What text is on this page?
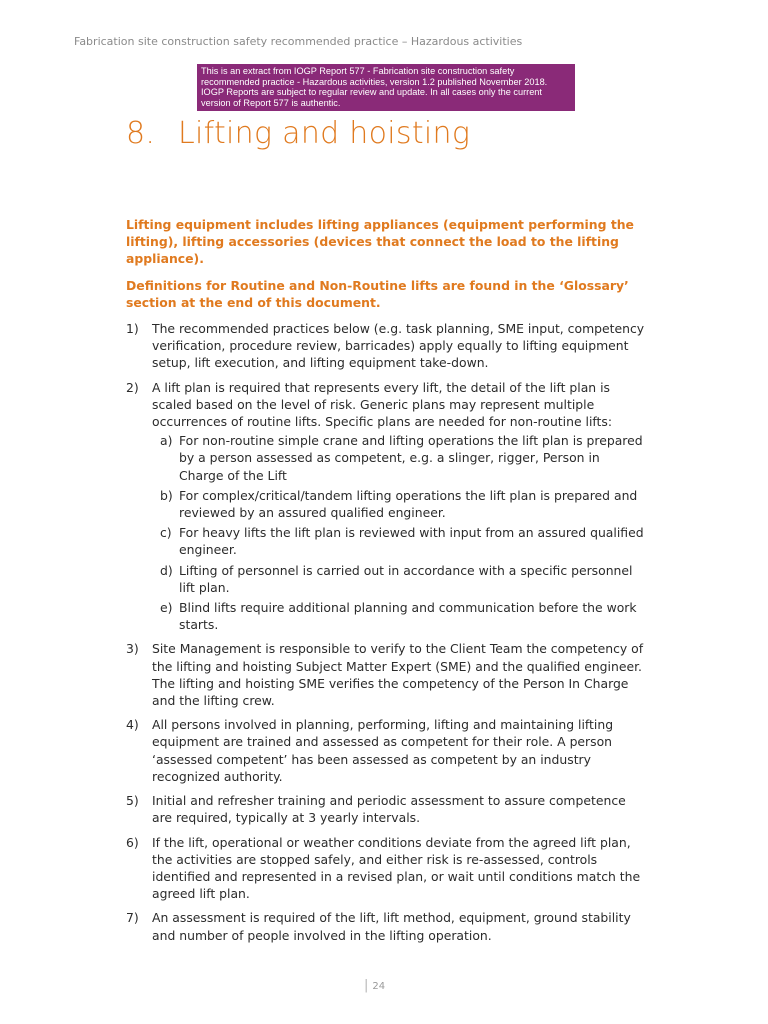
Fabrication site construction safety recommended practice – Hazardous activities

This is an extract from IOGP Report 577 - Fabrication site construction safety recommended practice - Hazardous activities, version 1.2 published November 2018.

IOGP Reports are subject to regular review and update. In all cases only the current version of Report 577 is authentic.

8. Lifting and hoisting

Lifting equipment includes lifting appliances (equipment performing the lifting), lifting accessories (devices that connect the load to the lifting appliance).

Definitions for Routine and Non-Routine lifts are found in the ‘Glossary’ section at the end of this document.

1) The recommended practices below (e.g. task planning, SME input, competency verification, procedure review, barricades) apply equally to lifting equipment setup, lift execution, and lifting equipment take-down.
2) A lift plan is required that represents every lift, the detail of the lift plan is scaled based on the level of risk. Generic plans may represent multiple occurrences of routine lifts. Specific plans are needed for non-routine lifts:
a) For non-routine simple crane and lifting operations the lift plan is prepared by a person assessed as competent, e.g. a slinger, rigger, Person in Charge of the Lift
b) For complex/critical/tandem lifting operations the lift plan is prepared and reviewed by an assured qualified engineer.
c) For heavy lifts the lift plan is reviewed with input from an assured qualified engineer.
d) Lifting of personnel is carried out in accordance with a specific personnel lift plan.
e) Blind lifts require additional planning and communication before the work starts.
3) Site Management is responsible to verify to the Client Team the competency of the lifting and hoisting Subject Matter Expert (SME) and the qualified engineer. The lifting and hoisting SME verifies the competency of the Person In Charge and the lifting crew.
4) All persons involved in planning, performing, lifting and maintaining lifting equipment are trained and assessed as competent for their role. A person ‘assessed competent’ has been assessed as competent by an industry recognized authority.
5) Initial and refresher training and periodic assessment to assure competence are required, typically at 3 yearly intervals.
6) If the lift, operational or weather conditions deviate from the agreed lift plan, the activities are stopped safely, and either risk is re-assessed, controls identified and represented in a revised plan, or wait until conditions match the agreed lift plan.
7) An assessment is required of the lift, lift method, equipment, ground stability and number of people involved in the lifting operation.
| 24
